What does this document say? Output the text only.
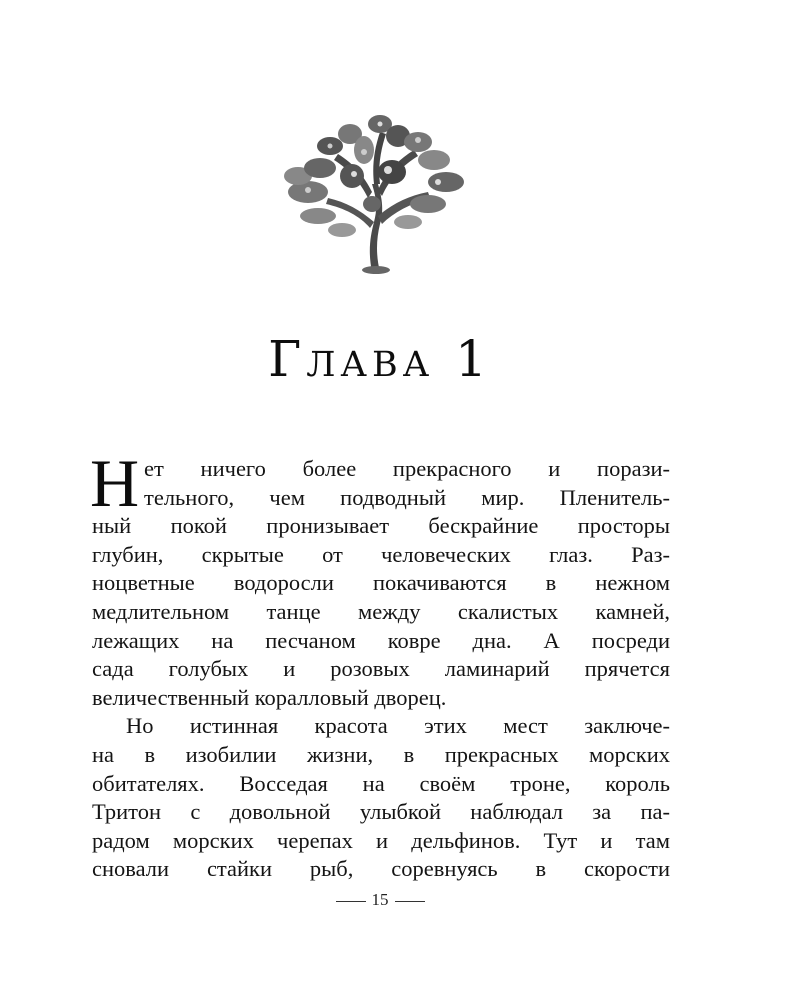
Глава 1
Н ет ничего более прекрасного и порази-
тельного, чем подводный мир. Пленитель-
ный покой пронизывает бескрайние просторы
глубин, скрытые от человеческих глаз. Раз-
ноцветные водоросли покачиваются в нежном
медлительном танце между скалистых камней,
лежащих на песчаном ковре дна. А посреди
сада голубых и розовых ламинарий прячется
величественный коралловый дворец.
Но истинная красота этих мест заключе-
на в изобилии жизни, в прекрасных морских
обитателях. Восседая на своём троне, король
Тритон с довольной улыбкой наблюдал за па-
радом морских черепах и дельфинов. Тут и там
сновали стайки рыб, соревнуясь в скорости
15
